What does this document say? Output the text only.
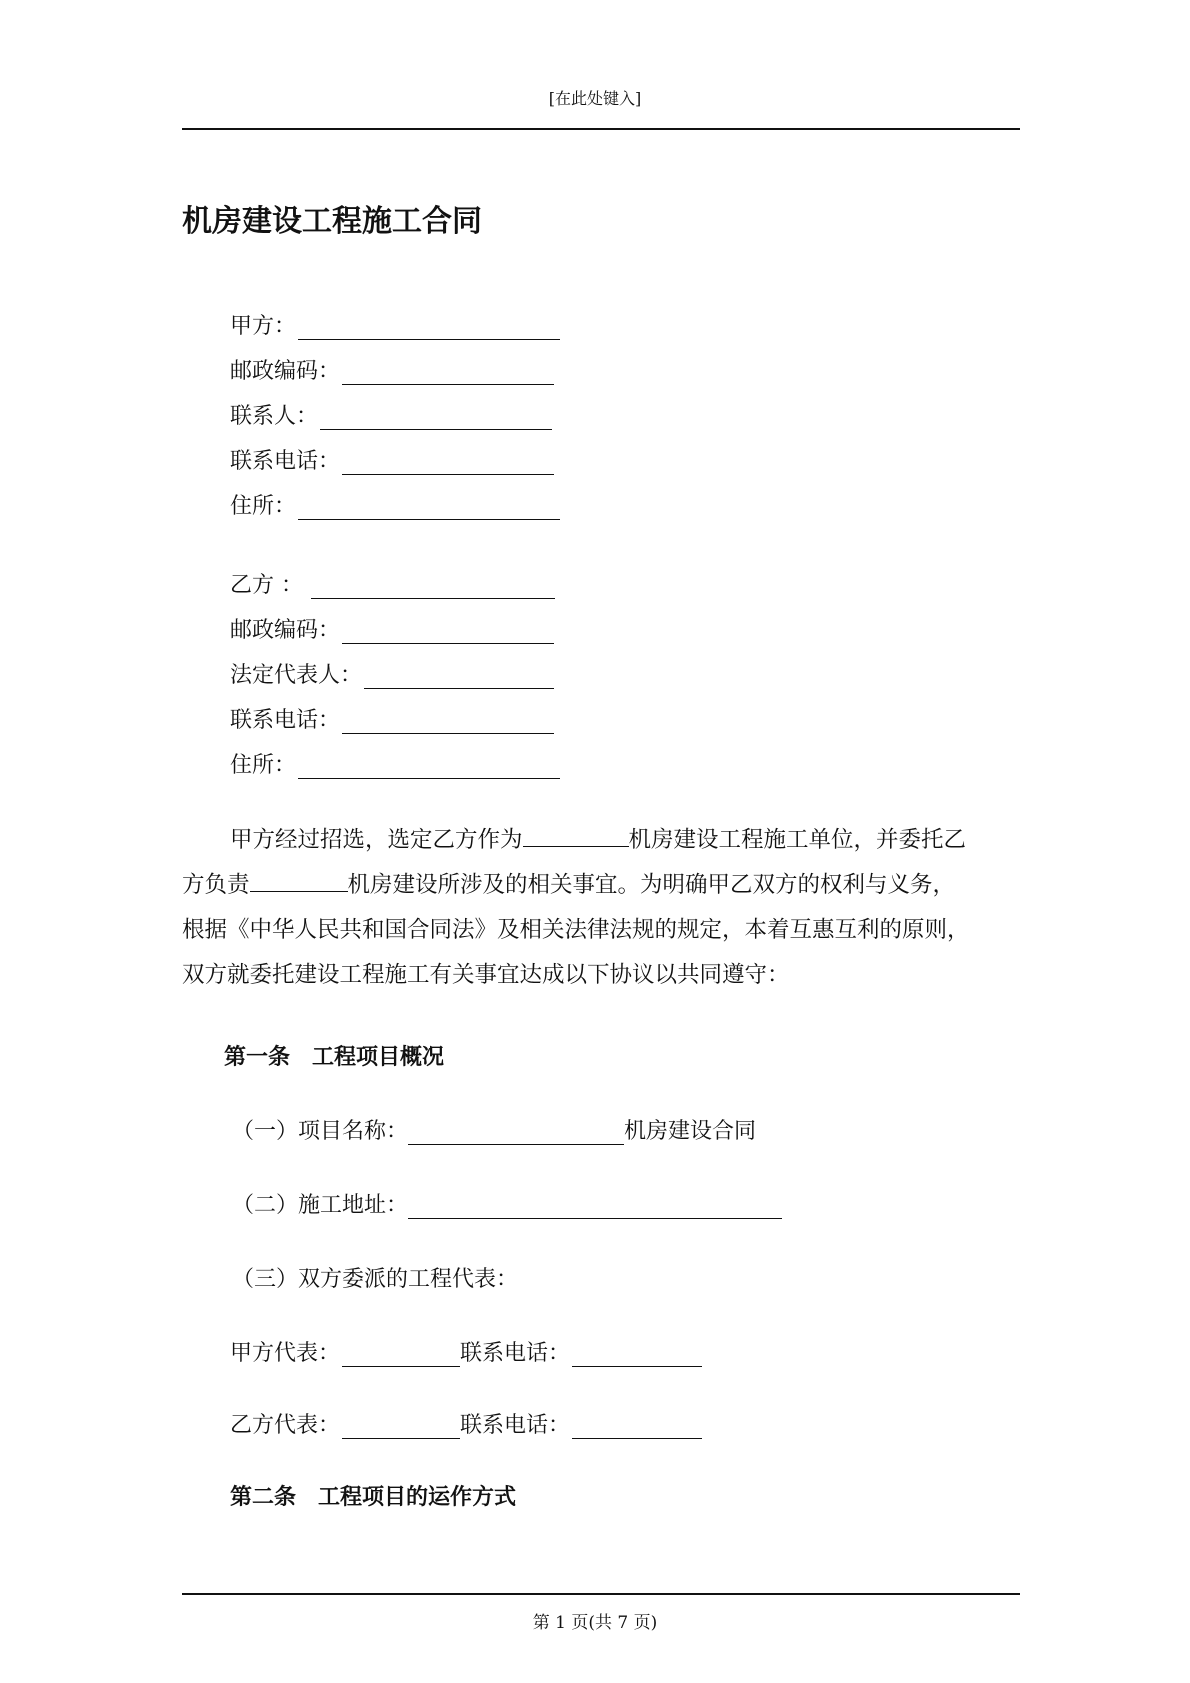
[在此处键入]
机房建设工程施工合同
甲方：
邮政编码：
联系人：
联系电话：
住所：
乙方 ：
邮政编码：
法定代表人：
联系电话：
住所：
甲方经过招选，选定乙方作为	机房建设工程施工单位，并委托乙
方负责	机房建设所涉及的相关事宜。为明确甲乙双方的权利与义务，
根据《中华人民共和国合同法》及相关法律法规的规定，本着互惠互利的原则，
双方就委托建设工程施工有关事宜达成以下协议以共同遵守：
第一条　工程项目概况
（一）项目名称：	机房建设合同
（二）施工地址：
（三）双方委派的工程代表：
甲方代表：	联系电话：
乙方代表：	联系电话：
第二条　工程项目的运作方式
第 1 页(共 7 页)
